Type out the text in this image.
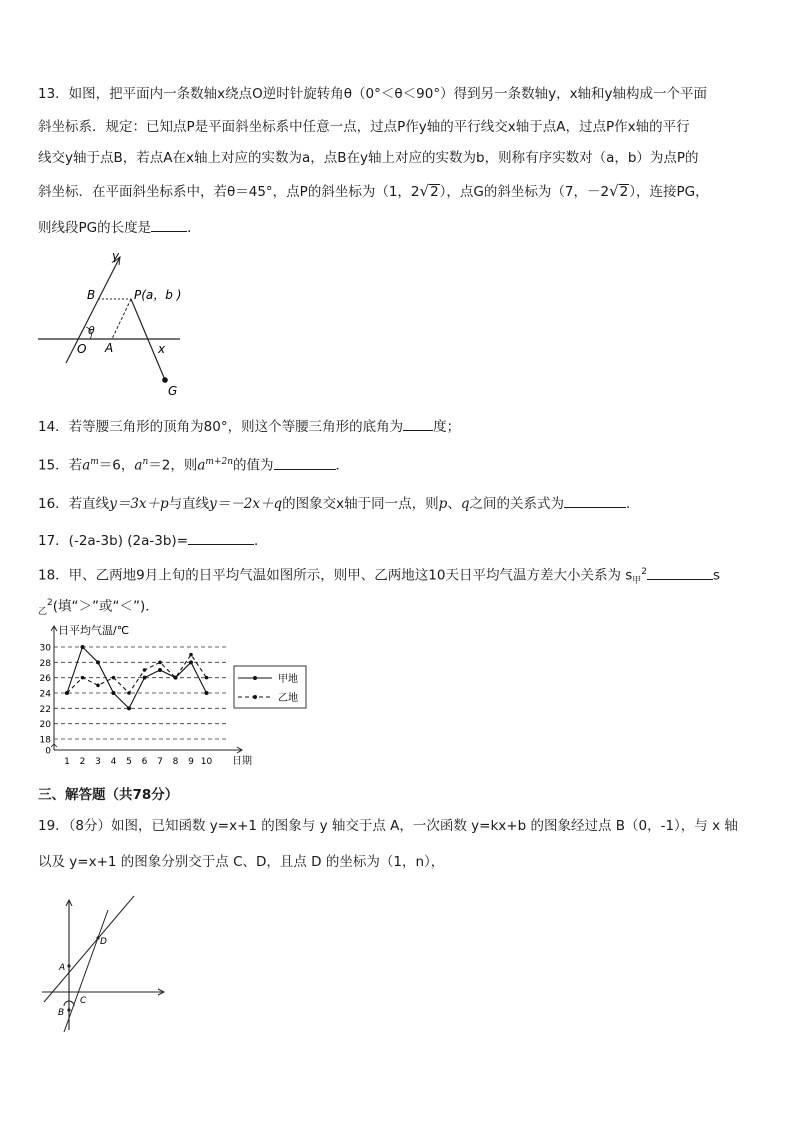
13．如图，把平面内一条数轴x绕点O逆时针旋转角θ（0°＜θ＜90°）得到另一条数轴y，x轴和y轴构成一个平面
斜坐标系．规定：已知点P是平面斜坐标系中任意一点，过点P作y轴的平行线交x轴于点A，过点P作x轴的平行
线交y轴于点B，若点A在x轴上对应的实数为a，点B在y轴上对应的实数为b，则称有序实数对（a，b）为点P的
斜坐标．在平面斜坐标系中，若θ＝45°，点P的斜坐标为（1，2√2），点G的斜坐标为（7，－2√2），连接PG，
则线段PG的长度是	．
y
B	P(a，b )
θ
O A	x
G
14．若等腰三角形的顶角为80°，则这个等腰三角形的底角为 度；
15．若$a^m=6$，$a^n=2$，则$a^{m+2n}$的值为	．
16．若直线y＝3x＋p与直线y＝－2x＋q的图象交x轴于同一点，则p、q之间的关系式为	．
17．(-2a-3b) (2a-3b)=	．
18．甲、乙两地9月上旬的日平均气温如图所示，则甲、乙两地这10天日平均气温方差大小关系为 $s_甲^2$	s
$_乙^2$(填“＞”或“＜”)．
日平均气温/℃
0
18
20
22
24
26
28
30
1 2 3 4 5 6 7 8 9 10 日期
甲地
乙地
三、解答题（共78分）
19．（8分）如图，已知函数 y=x+1 的图象与 y 轴交于点 A，一次函数 y=kx+b 的图象经过点 B（0，-1），与 x 轴
以及 y=x+1 的图象分别交于点 C、D，且点 D 的坐标为（1，n），
A
D
C
B
